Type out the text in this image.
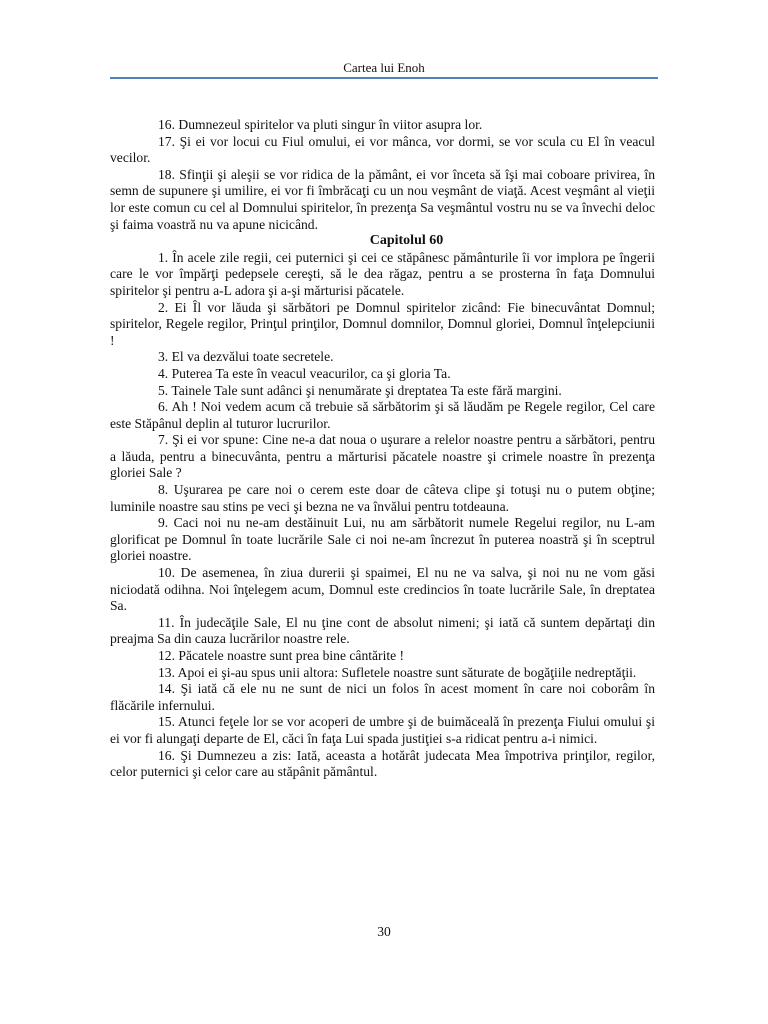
Cartea lui Enoh

16. Dumnezeul spiritelor va pluti singur în viitor asupra lor.

17. Şi ei vor locui cu Fiul omului, ei vor mânca, vor dormi, se vor scula cu El în veacul vecilor.

18. Sfinţii şi aleşii se vor ridica de la pământ, ei vor înceta să îşi mai coboare privirea, în semn de supunere şi umilire, ei vor fi îmbrăcaţi cu un nou veşmânt de viaţă. Acest veşmânt al vieţii lor este comun cu cel al Domnului spiritelor, în prezenţa Sa veşmântul vostru nu se va învechi deloc şi faima voastră nu va apune nicicând.

Capitolul 60

1. În acele zile regii, cei puternici şi cei ce stăpânesc pământurile îi vor implora pe îngerii care le vor împărţi pedepsele cereşti, să le dea răgaz, pentru a se prosterna în faţa Domnului spiritelor şi pentru a-L adora şi a-şi mărturisi păcatele.

2. Ei Îl vor lăuda şi sărbători pe Domnul spiritelor zicând: Fie binecuvântat Domnul; spiritelor, Regele regilor, Prinţul prinţilor, Domnul domnilor, Domnul gloriei, Domnul înţelepciunii !

3. El va dezvălui toate secretele.

4. Puterea Ta este în veacul veacurilor, ca şi gloria Ta.

5. Tainele Tale sunt adânci şi nenumărate şi dreptatea Ta este fără margini.

6. Ah ! Noi vedem acum că trebuie să sărbătorim şi să lăudăm pe Regele regilor, Cel care este Stăpânul deplin al tuturor lucrurilor.

7. Şi ei vor spune: Cine ne-a dat noua o uşurare a relelor noastre pentru a sărbători, pentru a lăuda, pentru a binecuvânta, pentru a mărturisi păcatele noastre şi crimele noastre în prezenţa gloriei Sale ?

8. Uşurarea pe care noi o cerem este doar de câteva clipe şi totuşi nu o putem obţine; luminile noastre sau stins pe veci şi bezna ne va învălui pentru totdeauna.

9. Caci noi nu ne-am destăinuit Lui, nu am sărbătorit numele Regelui regilor, nu L-am glorificat pe Domnul în toate lucrările Sale ci noi ne-am încrezut în puterea noastră şi în sceptrul gloriei noastre.

10. De asemenea, în ziua durerii şi spaimei, El nu ne va salva, şi noi nu ne vom găsi niciodată odihna. Noi înţelegem acum, Domnul este credincios în toate lucrările Sale, în dreptatea Sa.

11. În judecăţile Sale, El nu ţine cont de absolut nimeni; şi iată că suntem depărtaţi din preajma Sa din cauza lucrărilor noastre rele.

12. Păcatele noastre sunt prea bine cântărite !

13. Apoi ei şi-au spus unii altora: Sufletele noastre sunt săturate de bogăţiile nedreptăţii.

14. Şi iată că ele nu ne sunt de nici un folos în acest moment în care noi coborâm în flăcările infernului.

15. Atunci feţele lor se vor acoperi de umbre şi de buimăceală în prezenţa Fiului omului şi ei vor fi alungaţi departe de El, căci în faţa Lui spada justiţiei s-a ridicat pentru a-i nimici.

16. Şi Dumnezeu a zis: Iată, aceasta a hotărât judecata Mea împotriva prinţilor, regilor, celor puternici şi celor care au stăpânit pământul.

30
